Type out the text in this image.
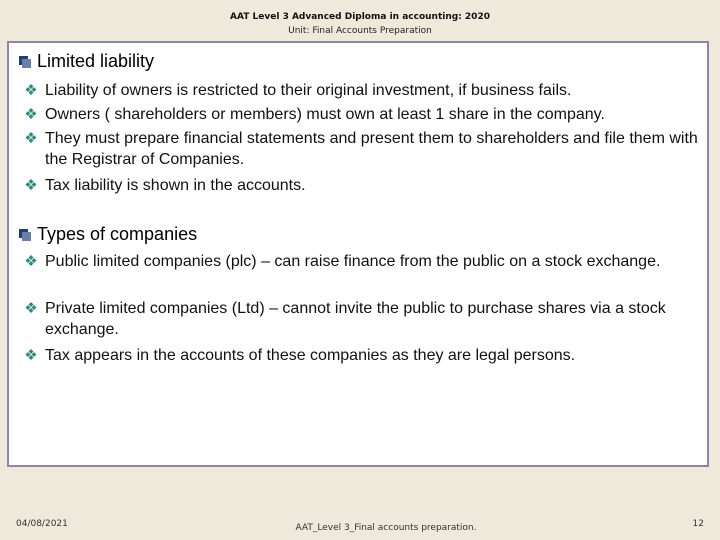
AAT Level 3 Advanced Diploma in accounting: 2020
Unit: Final Accounts Preparation
Limited liability
❖ Liability of owners is restricted to their original investment, if business fails.
❖ Owners ( shareholders or members) must own at least 1 share in the company.
❖ They must prepare financial statements and present them to shareholders and file them with the Registrar of Companies.
❖ Tax liability is shown in the accounts.
Types of companies
❖ Public limited companies (plc) – can raise finance from the public on a stock exchange.
❖ Private limited companies (Ltd) – cannot invite the public to purchase shares via a stock exchange.
❖ Tax appears in the accounts of these companies as they are legal persons.
04/08/2021	AAT_Level 3_Final accounts preparation.	12
